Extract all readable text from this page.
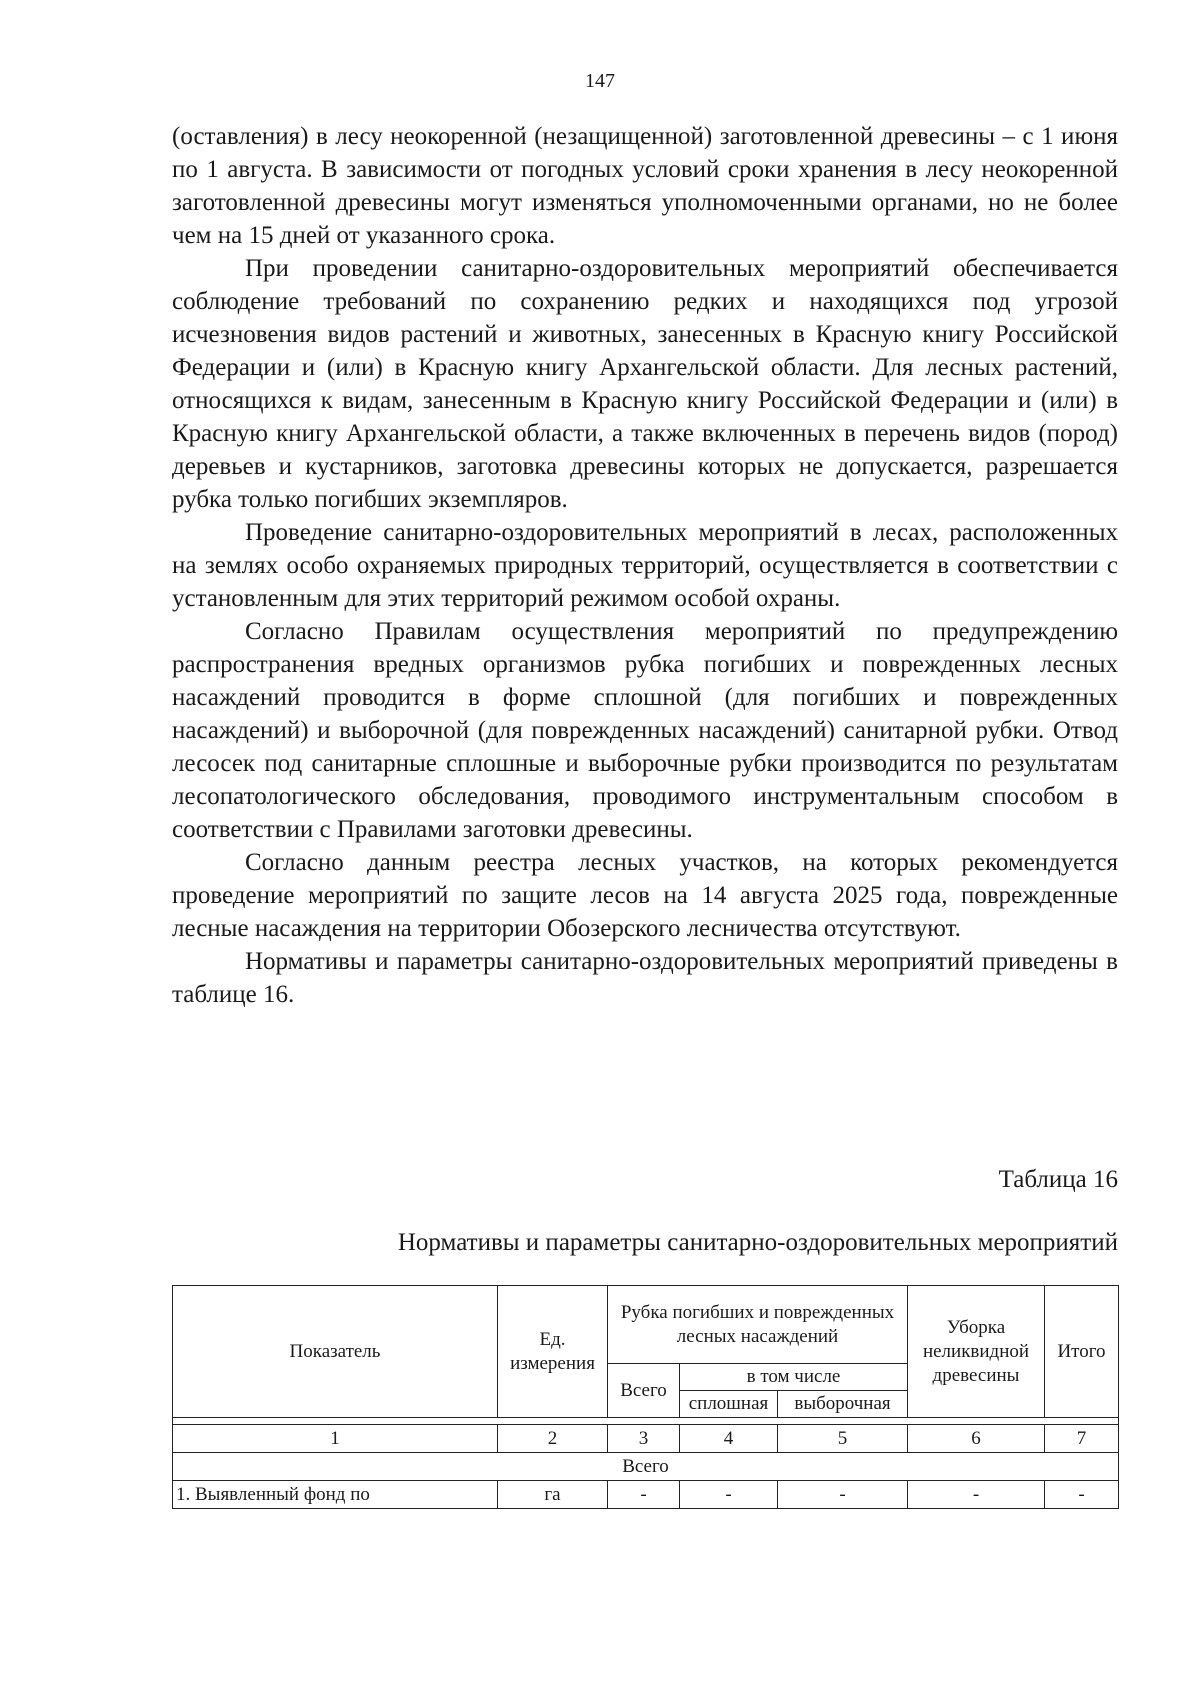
147

(оставления) в лесу неокоренной (незащищенной) заготовленной древесины – с 1 июня по 1 августа. В зависимости от погодных условий сроки хранения в лесу неокоренной заготовленной древесины могут изменяться уполномоченными органами, но не более чем на 15 дней от указанного срока.

При проведении санитарно-оздоровительных мероприятий обеспечивается соблюдение требований по сохранению редких и находящихся под угрозой исчезновения видов растений и животных, занесенных в Красную книгу Российской Федерации и (или) в Красную книгу Архангельской области. Для лесных растений, относящихся к видам, занесенным в Красную книгу Российской Федерации и (или) в Красную книгу Архангельской области, а также включенных в перечень видов (пород) деревьев и кустарников, заготовка древесины которых не допускается, разрешается рубка только погибших экземпляров.

Проведение санитарно-оздоровительных мероприятий в лесах, расположенных на землях особо охраняемых природных территорий, осуществляется в соответствии с установленным для этих территорий режимом особой охраны.

Согласно Правилам осуществления мероприятий по предупреждению распространения вредных организмов рубка погибших и поврежденных лесных насаждений проводится в форме сплошной (для погибших и поврежденных насаждений) и выборочной (для поврежденных насаждений) санитарной рубки. Отвод лесосек под санитарные сплошные и выборочные рубки производится по результатам лесопатологического обследования, проводимого инструментальным способом в соответствии с Правилами заготовки древесины.

Согласно данным реестра лесных участков, на которых рекомендуется проведение мероприятий по защите лесов на 14 августа 2025 года, поврежденные лесные насаждения на территории Обозерского лесничества отсутствуют.

Нормативы и параметры санитарно-оздоровительных мероприятий приведены в таблице 16.

Таблица 16
Нормативы и параметры санитарно-оздоровительных мероприятий
Показатель	Ед. измерения	Рубка погибших и поврежденных лесных насаждений			Уборка неликвидной древесины	Итого
		Всего	в том числе			
			сплошная	выборочная		

1	2	3	4	5	6	7
Всего						
1. Выявленный фонд по	га	-	-	-	-	-
